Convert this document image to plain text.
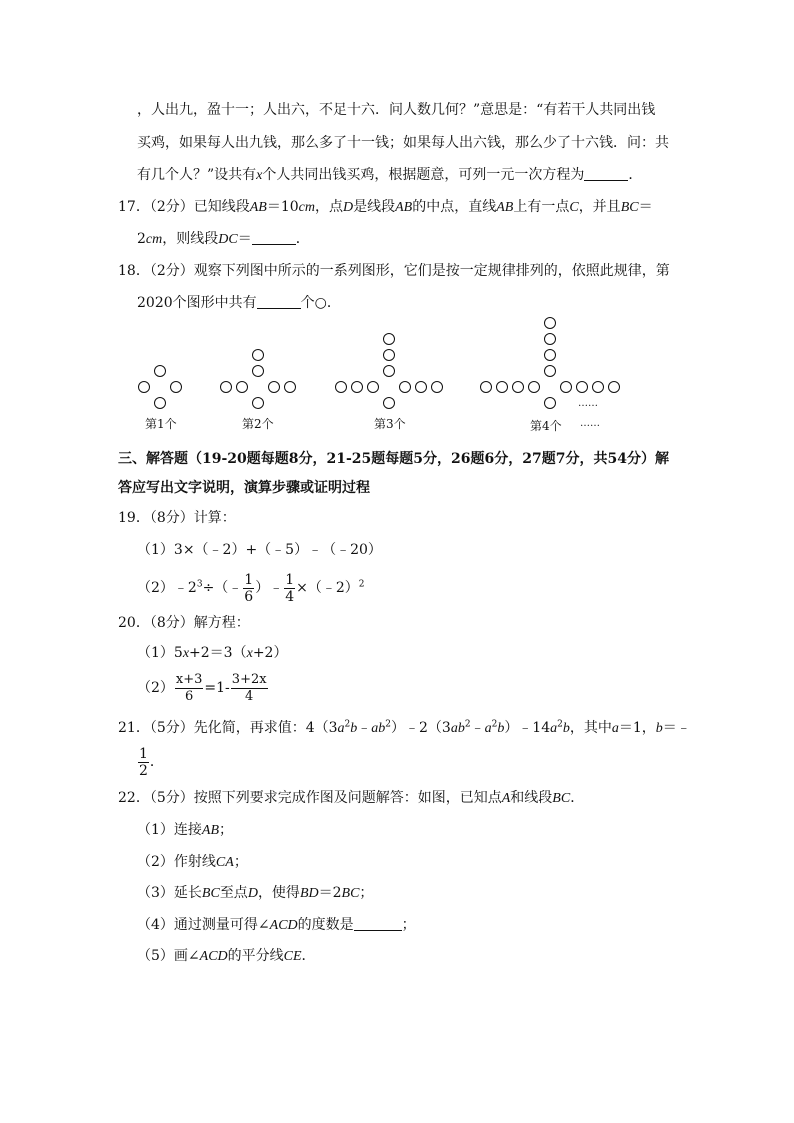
，人出九，盈十一；人出六，不足十六．问人数几何？”意思是：“有若干人共同出钱
买鸡，如果每人出九钱，那么多了十一钱；如果每人出六钱，那么少了十六钱．问：共
有几个人？”设共有x个人共同出钱买鸡，根据题意，可列一元一次方程为	．
17．（2分）已知线段AB＝10cm，点D是线段AB的中点，直线AB上有一点C，并且BC＝
2cm，则线段DC＝	．
18．（2分）观察下列图中所示的一系列图形，它们是按一定规律排列的，依照此规律，第
2020个图形中共有	个○．
第1个	第2个	第3个	第4个
……
……
三、解答题（19-20题每题8分，21-25题每题5分，26题6分，27题7分，共54分）解
答应写出文字说明，演算步骤或证明过程
19．（8分）计算：
（1）3×（﹣2）+（﹣5）﹣（﹣20）
$(2)﹣2^3\div(﹣ \frac{1}{6}$ ）﹣ $\frac{1}{4}$ ×（﹣2）$^2$
20．（8分）解方程：
（1）5x+2＝3（x+2）
$(2) \frac{x+3}{6} =1- \frac{3+2x}{4}$
21．（5分）先化简，再求值：$4(3a^2b﹣ab^2)﹣2(3ab^2﹣a^2b)﹣14a^2b$，其中a＝1，b＝﹣
$\frac{1}{2}$ ．
22．（5分）按照下列要求完成作图及问题解答：如图，已知点A和线段BC．
（1）连接AB；
（2）作射线CA；
（3）延长BC至点D，使得BD＝2BC；
（4）通过测量可得∠ACD的度数是	；
（5）画∠ACD的平分线CE．
